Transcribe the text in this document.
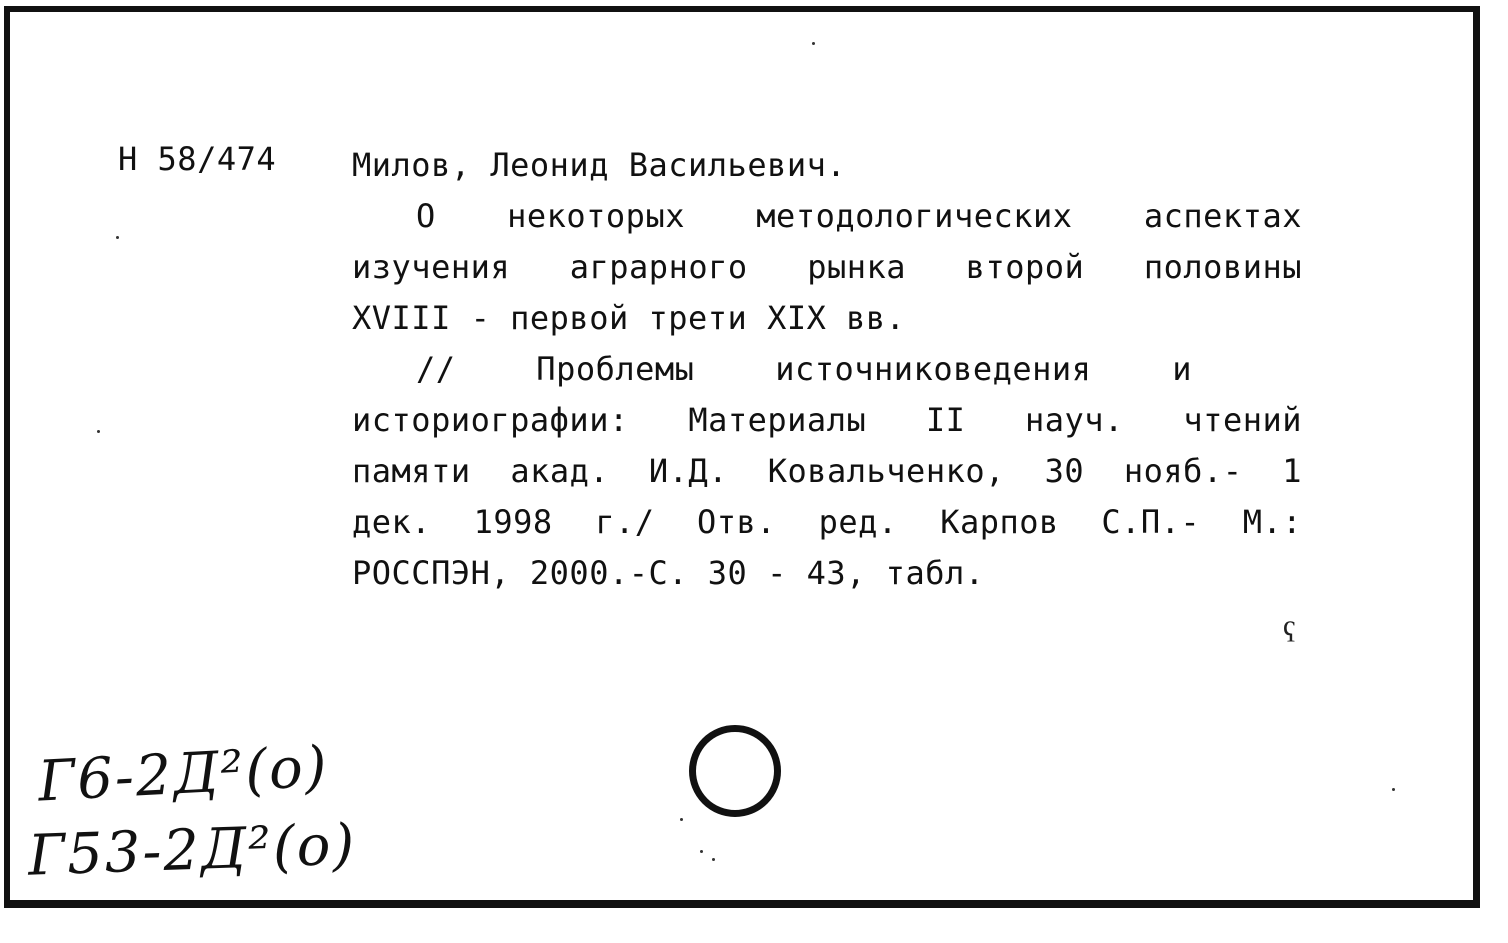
Н 58/474 Милов, Леонид Васильевич.
О некоторых методологических аспектах
изучения аграрного рынка второй половины
XVIII - первой трети XIX вв.
//	Проблемы	источниковедения	и
историографии: Материалы II науч. чтений
памяти акад. И.Д. Ковальченко, 30 нояб.- 1
дек. 1998 г./ Отв. ред. Карпов С.П.- М.:
РОССПЭН, 2000.-С. 30 - 43, табл.
Г6-2Д²(о)
Г53-2Д²(о)
ҁ
